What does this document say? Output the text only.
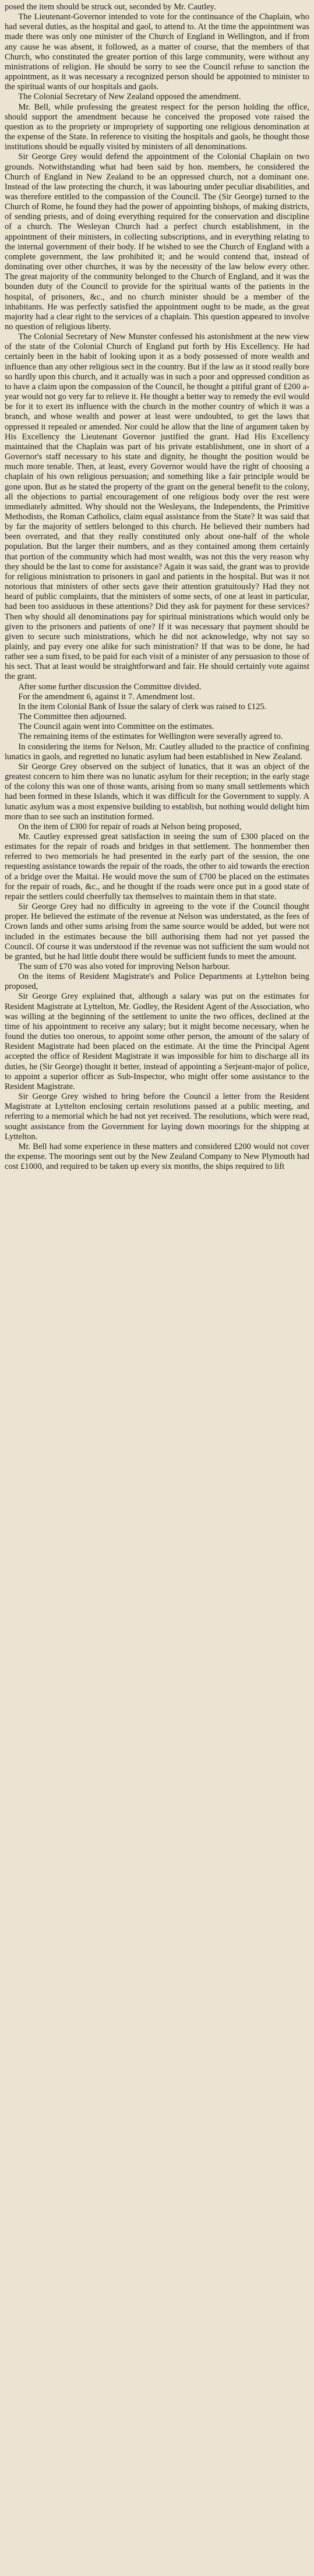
posed the item should be struck out, seconded by Mr. Cautley.

The Lieutenant-Governor intended to vote for the continuance of the Chaplain, who had several duties, as the hospital and gaol, to attend to. At the time the appointment was made there was only one minister of the Church of England in Wellington, and if from any cause he was absent, it followed, as a matter of course, that the members of that Church, who constituted the greater portion of this large community, were without any ministrations of religion. He should be sorry to see the Council refuse to sanction the appointment, as it was necessary a recognized person should be appointed to minister to the spiritual wants of our hospitals and gaols.

The Colonial Secretary of New Zealand opposed the amendment.

Mr. Bell, while professing the greatest respect for the person holding the office, should support the amendment because he conceived the proposed vote raised the question as to the propriety or impropriety of supporting one religious denomination at the expense of the State. In reference to visiting the hospitals and gaols, he thought those institutions should be equally visited by ministers of all denominations.

Sir George Grey would defend the appointment of the Colonial Chaplain on two grounds. Notwithstanding what had been said by hon. members, he considered the Church of England in New Zealand to be an oppressed church, not a dominant one. Instead of the law protecting the church, it was labouring under peculiar disabilities, and was therefore entitled to the compassion of the Council. The (Sir George) turned to the Church of Rome, he found they had the power of appointing bishops, of making districts, of sending priests, and of doing everything required for the conservation and discipline of a church. The Wesleyan Church had a perfect church establishment, in the appointment of their ministers, in collecting subscriptions, and in everything relating to the internal government of their body. If he wished to see the Church of England with a complete government, the law prohibited it; and he would contend that, instead of dominating over other churches, it was by the necessity of the law below every other. The great majority of the community belonged to the Church of England, and it was the bounden duty of the Council to provide for the spiritual wants of the patients in the hospital, of prisoners, &c., and no church minister should be a member of the inhabitants. He was perfectly satisfied the appointment ought to be made, as the great majority had a clear right to the services of a chaplain. This question appeared to involve no question of religious liberty.

The Colonial Secretary of New Munster confessed his astonishment at the new view of the state of the Colonial Church of England put forth by His Excellency. He had certainly been in the habit of looking upon it as a body possessed of more wealth and influence than any other religious sect in the country. But if the law as it stood really bore so hardly upon this church, and it actually was in such a poor and oppressed condition as to have a claim upon the compassion of the Council, he thought a pitiful grant of £200 a-year would not go very far to relieve it. He thought a better way to remedy the evil would be for it to exert its influence with the church in the mother country of which it was a branch, and whose wealth and power at least were undoubted, to get the laws that oppressed it repealed or amended. Nor could he allow that the line of argument taken by His Excellency the Lieutenant Governor justified the grant. Had His Excellency maintained that the Chaplain was part of his private establishment, one in short of a Governor's staff necessary to his state and dignity, he thought the position would be much more tenable. Then, at least, every Governor would have the right of choosing a chaplain of his own religious persuasion; and something like a fair principle would be gone upon. But as he stated the property of the grant on the general benefit to the colony, all the objections to partial encouragement of one religious body over the rest were immediately admitted. Why should not the Wesleyans, the Independents, the Primitive Methodists, the Roman Catholics, claim equal assistance from the State? It was said that by far the majority of settlers belonged to this church. He believed their numbers had been overrated, and that they really constituted only about one-half of the whole population. But the larger their numbers, and as they contained among them certainly that portion of the community which had most wealth, was not this the very reason why they should be the last to come for assistance? Again it was said, the grant was to provide for religious ministration to prisoners in gaol and patients in the hospital. But was it not notorious that ministers of other sects gave their attention gratuitously? Had they not heard of public complaints, that the ministers of some sects, of one at least in particular, had been too assiduous in these attentions? Did they ask for payment for these services? Then why should all denominations pay for spiritual ministrations which would only be given to the prisoners and patients of one? If it was necessary that payment should be given to secure such ministrations, which he did not acknowledge, why not say so plainly, and pay every one alike for such ministration? If that was to be done, he had rather see a sum fixed, to be paid for each visit of a minister of any persuasion to those of his sect. That at least would be straightforward and fair. He should certainly vote against the grant.

After some further discussion the Committee divided.

For the amendment 6, against it 7. Amendment lost.

In the item Colonial Bank of Issue the salary of clerk was raised to £125.

The Committee then adjourned.

The Council again went into Committee on the estimates.

The remaining items of the estimates for Wellington were severally agreed to.

In considering the items for Nelson, Mr. Cautley alluded to the practice of confining lunatics in gaols, and regretted no lunatic asylum had been established in New Zealand.

Sir George Grey observed on the subject of lunatics, that it was an object of the greatest concern to him there was no lunatic asylum for their reception; in the early stage of the colony this was one of those wants, arising from so many small settlements which had been formed in these Islands, which it was difficult for the Government to supply. A lunatic asylum was a most expensive building to establish, but nothing would delight him more than to see such an institution formed.

On the item of £300 for repair of roads at Nelson being proposed,

Mr. Cautley expressed great satisfaction in seeing the sum of £300 placed on the estimates for the repair of roads and bridges in that settlement. The honmember then referred to two memorials he had presented in the early part of the session, the one requesting assistance towards the repair of the roads, the other to aid towards the erection of a bridge over the Maitai. He would move the sum of £700 be placed on the estimates for the repair of roads, &c., and he thought if the roads were once put in a good state of repair the settlers could cheerfully tax themselves to maintain them in that state.

Sir George Grey had no difficulty in agreeing to the vote if the Council thought proper. He believed the estimate of the revenue at Nelson was understated, as the fees of Crown lands and other sums arising from the same source would be added, but were not included in the estimates because the bill authorising them had not yet passed the Council. Of course it was understood if the revenue was not sufficient the sum would not be granted, but he had little doubt there would be sufficient funds to meet the amount.

The sum of £70 was also voted for improving Nelson harbour.

On the items of Resident Magistrate's and Police Departments at Lyttelton being proposed,

Sir George Grey explained that, although a salary was put on the estimates for Resident Magistrate at Lyttelton, Mr. Godley, the Resident Agent of the Association, who was willing at the beginning of the settlement to unite the two offices, declined at the time of his appointment to receive any salary; but it might become necessary, when he found the duties too onerous, to appoint some other person, the amount of the salary of Resident Magistrate had been placed on the estimate. At the time the Principal Agent accepted the office of Resident Magistrate it was impossible for him to discharge all its duties, he (Sir George) thought it better, instead of appointing a Serjeant-major of police, to appoint a superior officer as Sub-Inspector, who might offer some assistance to the Resident Magistrate.

Sir George Grey wished to bring before the Council a letter from the Resident Magistrate at Lyttelton enclosing certain resolutions passed at a public meeting, and referring to a memorial which he had not yet received. The resolutions, which were read, sought assistance from the Government for laying down moorings for the shipping at Lyttelton.

Mr. Bell had some experience in these matters and considered £200 would not cover the expense. The moorings sent out by the New Zealand Company to New Plymouth had cost £1000, and required to be taken up every six months, the ships required to lift
